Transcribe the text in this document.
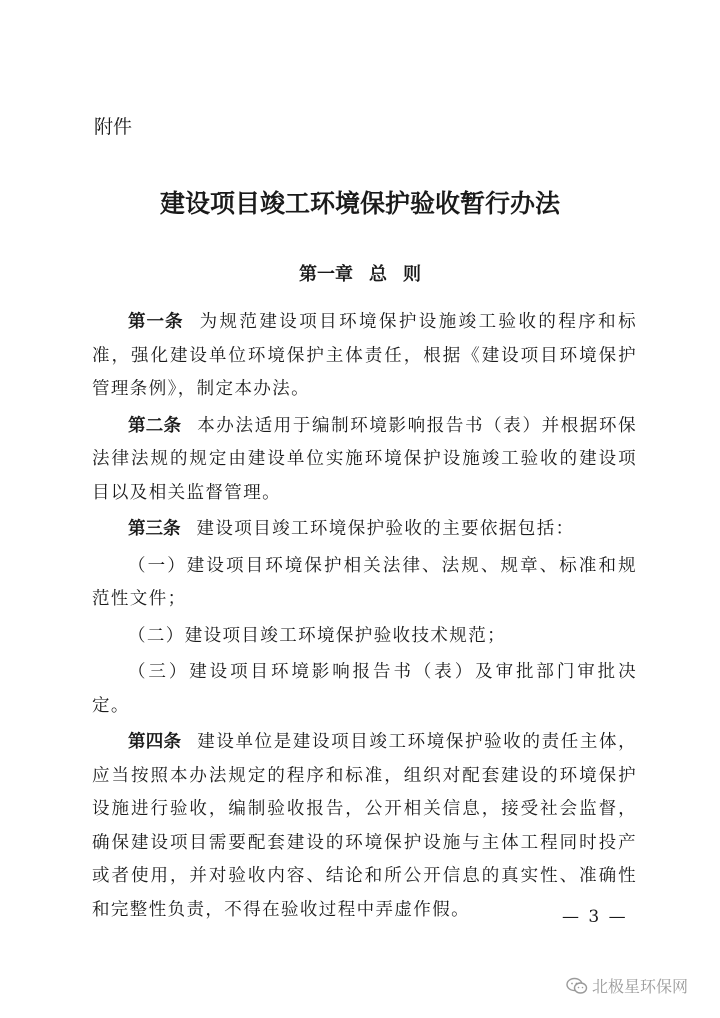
附件
建设项目竣工环境保护验收暂行办法
第一章 总 则

第一条 为规范建设项目环境保护设施竣工验收的程序和标准，强化建设单位环境保护主体责任，根据《建设项目环境保护管理条例》，制定本办法。

第二条 本办法适用于编制环境影响报告书（表）并根据环保法律法规的规定由建设单位实施环境保护设施竣工验收的建设项目以及相关监督管理。

第三条 建设项目竣工环境保护验收的主要依据包括：

（一）建设项目环境保护相关法律、法规、规章、标准和规范性文件；

（二）建设项目竣工环境保护验收技术规范；

（三）建设项目环境影响报告书（表）及审批部门审批决定。

第四条 建设单位是建设项目竣工环境保护验收的责任主体，应当按照本办法规定的程序和标准，组织对配套建设的环境保护设施进行验收，编制验收报告，公开相关信息，接受社会监督，确保建设项目需要配套建设的环境保护设施与主体工程同时投产或者使用，并对验收内容、结论和所公开信息的真实性、准确性和完整性负责，不得在验收过程中弄虚作假。	— 3 —
北极星环保网
